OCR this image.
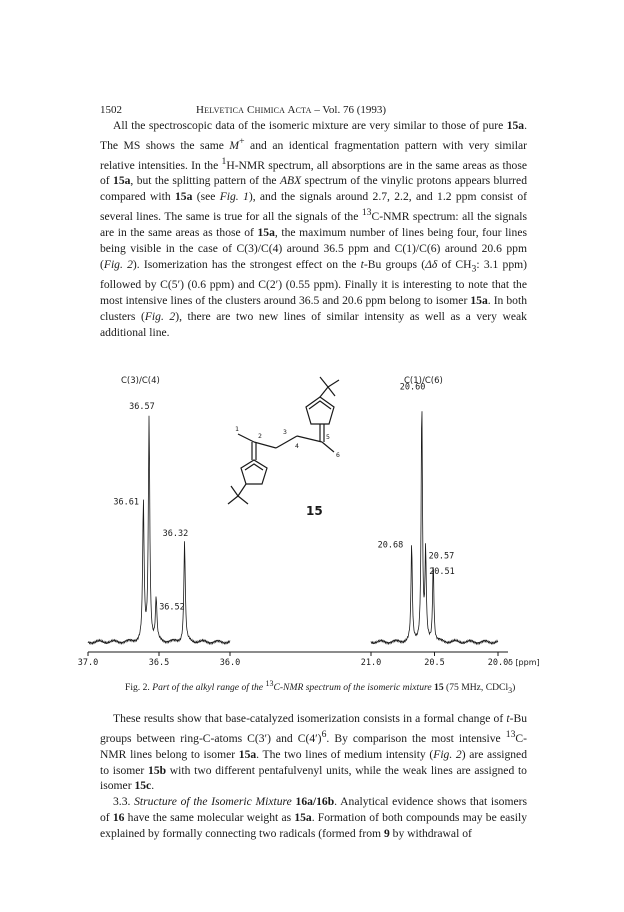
1502	Helvetica Chimica Acta – Vol. 76 (1993)

All the spectroscopic data of the isomeric mixture are very similar to those of pure 15a. The MS shows the same M+ and an identical fragmentation pattern with very similar relative intensities. In the $^1$H-NMR spectrum, all absorptions are in the same areas as those of 15a, but the splitting pattern of the ABX spectrum of the vinylic protons appears blurred compared with 15a (see Fig. 1), and the signals around 2.7, 2.2, and 1.2 ppm consist of several lines. The same is true for all the signals of the $^{13}$C-NMR spectrum: all the signals are in the same areas as those of 15a, the maximum number of lines being four, four lines being visible in the case of C(3)/C(4) around 36.5 ppm and C(1)/C(6) around 20.6 ppm (Fig. 2). Isomerization has the strongest effect on the t-Bu groups (Δδ of $CH_3$: 3.1 ppm) followed by C(5′) (0.6 ppm) and C(2′) (0.55 ppm). Finally it is interesting to note that the most intensive lines of the clusters around 36.5 and 20.6 ppm belong to isomer 15a. In both clusters (Fig. 2), there are two new lines of similar intensity as well as a very weak additional line.

1
2	3
4
5
6
15
C(3)/C(4)	C(1)/C(6)
37.0	36.5	36.0	21.0	20.5	20.0 δ [ppm]
36.61
36.57
36.52
36.32
20.68
20.60
20.57
20.51
Fig. 2. Part of the alkyl range of the $^{13}$C-NMR spectrum of the isomeric mixture 15 (75 MHz, CDCl$_3$)

These results show that base-catalyzed isomerization consists in a formal change of t-Bu groups between ring-C-atoms C(3′) and $C(4')^6$. By comparison the most intensive $^{13}$C-NMR lines belong to isomer 15a. The two lines of medium intensity (Fig. 2) are assigned to isomer 15b with two different pentafulvenyl units, while the weak lines are assigned to isomer 15c.

3.3. Structure of the Isomeric Mixture 16a/16b. Analytical evidence shows that isomers of 16 have the same molecular weight as 15a. Formation of both compounds may be easily explained by formally connecting two radicals (formed from 9 by withdrawal of
